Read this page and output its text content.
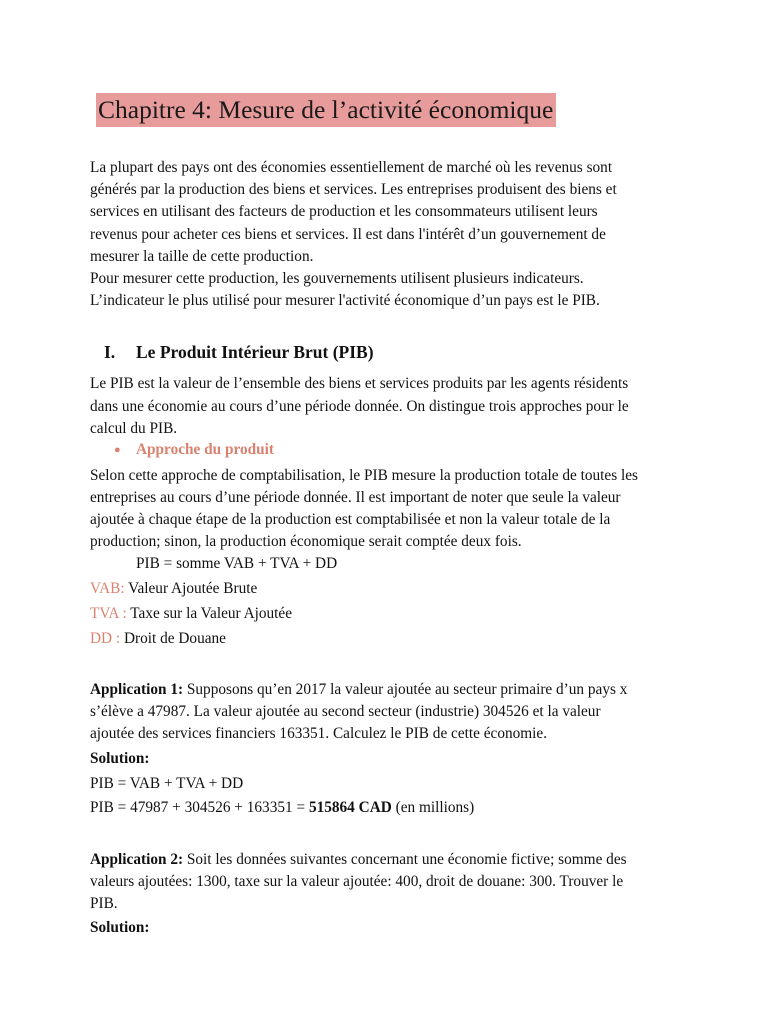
Chapitre 4: Mesure de l’activité économique
La plupart des pays ont des économies essentiellement de marché où les revenus sont
générés par la production des biens et services. Les entreprises produisent des biens et
services en utilisant des facteurs de production et les consommateurs utilisent leurs
revenus pour acheter ces biens et services. Il est dans l'intérêt d’un gouvernement de
mesurer la taille de cette production.
Pour mesurer cette production, les gouvernements utilisent plusieurs indicateurs.
L’indicateur le plus utilisé pour mesurer l'activité économique d’un pays est le PIB.
I. Le Produit Intérieur Brut (PIB)
Le PIB est la valeur de l’ensemble des biens et services produits par les agents résidents
dans une économie au cours d’une période donnée. On distingue trois approches pour le
calcul du PIB.
● Approche du produit
Selon cette approche de comptabilisation, le PIB mesure la production totale de toutes les
entreprises au cours d’une période donnée. Il est important de noter que seule la valeur
ajoutée à chaque étape de la production est comptabilisée et non la valeur totale de la
production; sinon, la production économique serait comptée deux fois.
PIB = somme VAB + TVA + DD
VAB: Valeur Ajoutée Brute
TVA : Taxe sur la Valeur Ajoutée
DD : Droit de Douane
Application 1: Supposons qu’en 2017 la valeur ajoutée au secteur primaire d’un pays x
s’élève a 47987. La valeur ajoutée au second secteur (industrie) 304526 et la valeur
ajoutée des services financiers 163351. Calculez le PIB de cette économie.
Solution:
PIB = VAB + TVA + DD
PIB = 47987 + 304526 + 163351 = 515864 CAD (en millions)
Application 2: Soit les données suivantes concernant une économie fictive; somme des
valeurs ajoutées: 1300, taxe sur la valeur ajoutée: 400, droit de douane: 300. Trouver le
PIB.
Solution:
